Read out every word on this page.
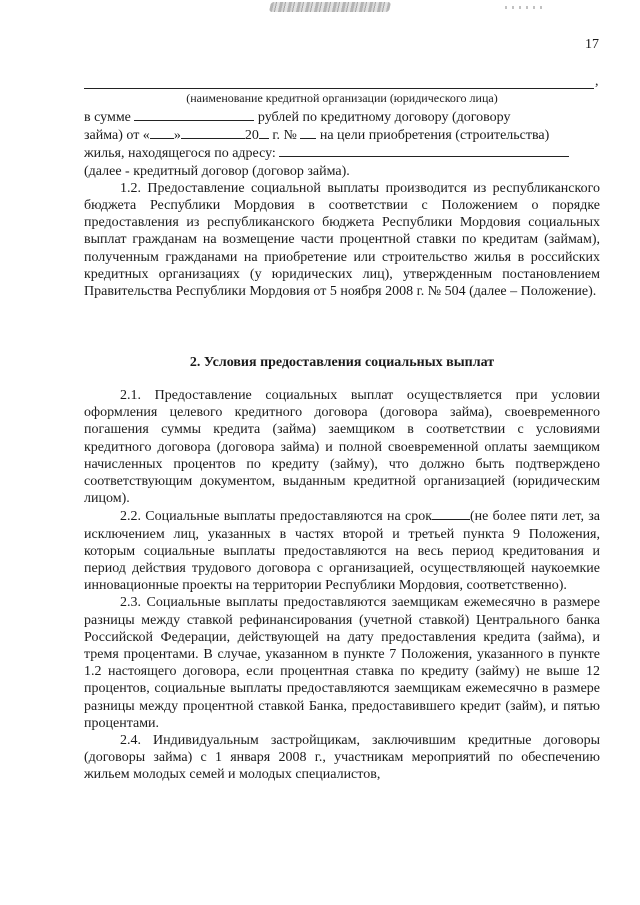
17
,
(наименование кредитной организации (юридического лица)

в сумме	рублей по кредитному договору (договору

займа) от « »	20 г. № на цели приобретения (строительства)

жилья, находящегося по адресу:

(далее - кредитный договор (договор займа).

1.2. Предоставление социальной выплаты производится из республиканского бюджета Республики Мордовия в соответствии с Положением о порядке предоставления из республиканского бюджета Республики Мордовия социальных выплат гражданам на возмещение части процентной ставки по кредитам (займам), полученным гражданами на приобретение или строительство жилья в российских кредитных организациях (у юридических лиц), утвержденным постановлением Правительства Республики Мордовия от 5 ноября 2008 г. № 504 (далее – Положение).

2. Условия предоставления социальных выплат

2.1. Предоставление социальных выплат осуществляется при условии оформления целевого кредитного договора (договора займа), своевременного погашения суммы кредита (займа) заемщиком в соответствии с условиями кредитного договора (договора займа) и полной своевременной оплаты заемщиком начисленных процентов по кредиту (займу), что должно быть подтверждено соответствующим документом, выданным кредитной организацией (юридическим лицом).

2.2. Социальные выплаты предоставляются на срок	(не более пяти лет, за исключением лиц, указанных в частях второй и третьей пункта 9 Положения, которым социальные выплаты предоставляются на весь период кредитования и период действия трудового договора с организацией, осуществляющей наукоемкие инновационные проекты на территории Республики Мордовия, соответственно).

2.3. Социальные выплаты предоставляются заемщикам ежемесячно в размере разницы между ставкой рефинансирования (учетной ставкой) Центрального банка Российской Федерации, действующей на дату предоставления кредита (займа), и тремя процентами. В случае, указанном в пункте 7 Положения, указанного в пункте 1.2 настоящего договора, если процентная ставка по кредиту (займу) не выше 12 процентов, социальные выплаты предоставляются заемщикам ежемесячно в размере разницы между процентной ставкой Банка, предоставившего кредит (займ), и пятью процентами.

2.4. Индивидуальным застройщикам, заключившим кредитные договоры (договоры займа) с 1 января 2008 г., участникам мероприятий по обеспечению жильем молодых семей и молодых специалистов,
